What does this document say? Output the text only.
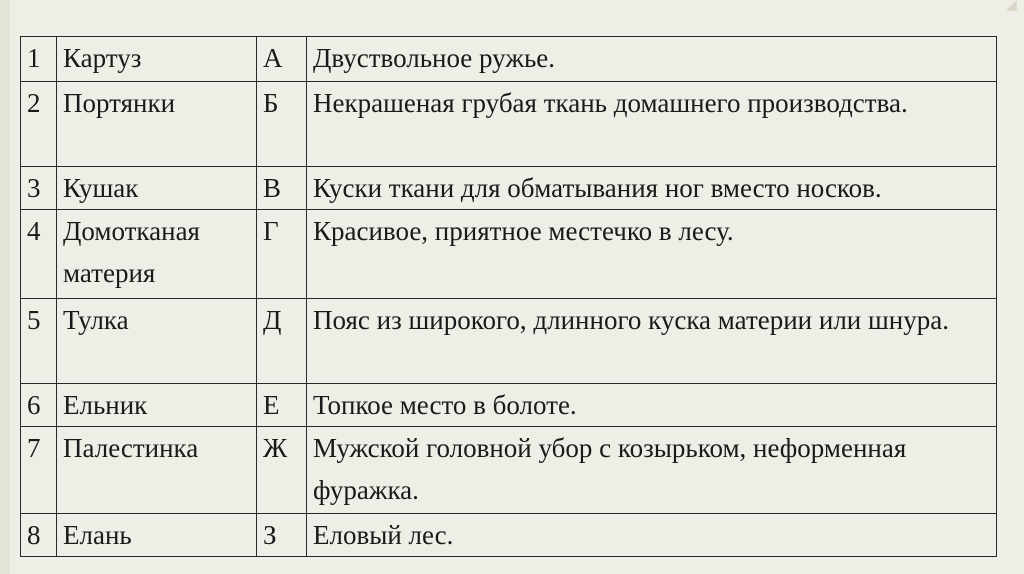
◢
1	Картуз	А	Двуствольное ружье.
2	Портянки	Б	Некрашеная грубая ткань домашнего производства.
3	Кушак	В	Куски ткани для обматывания ног вместо носков.
4	Домотканая материя	Г	Красивое, приятное местечко в лесу.
5	Тулка	Д	Пояс из широкого, длинного куска материи или шнура.
6	Ельник	Е	Топкое место в болоте.
7	Палестинка	Ж	Мужской головной убор с козырьком, неформенная фуражка.
8	Елань	З	Еловый лес.
